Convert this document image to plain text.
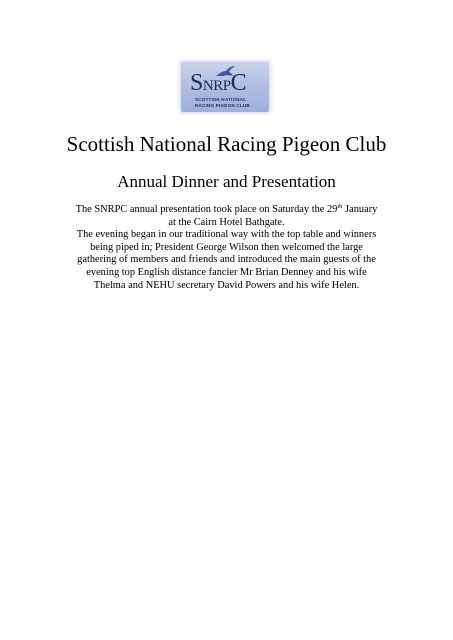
SNRPC
SCOTTISH NATIONAL
RACING PIGEON CLUB
Scottish National Racing Pigeon Club
Annual Dinner and Presentation
The SNRPC annual presentation took place on Saturday the 29th January
at the Cairn Hotel Bathgate.
The evening began in our traditional way with the top table and winners
being piped in; President George Wilson then welcomed the large
gathering of members and friends and introduced the main guests of the
evening top English distance fancier Mr Brian Denney and his wife
Thelma and NEHU secretary David Powers and his wife Helen.
